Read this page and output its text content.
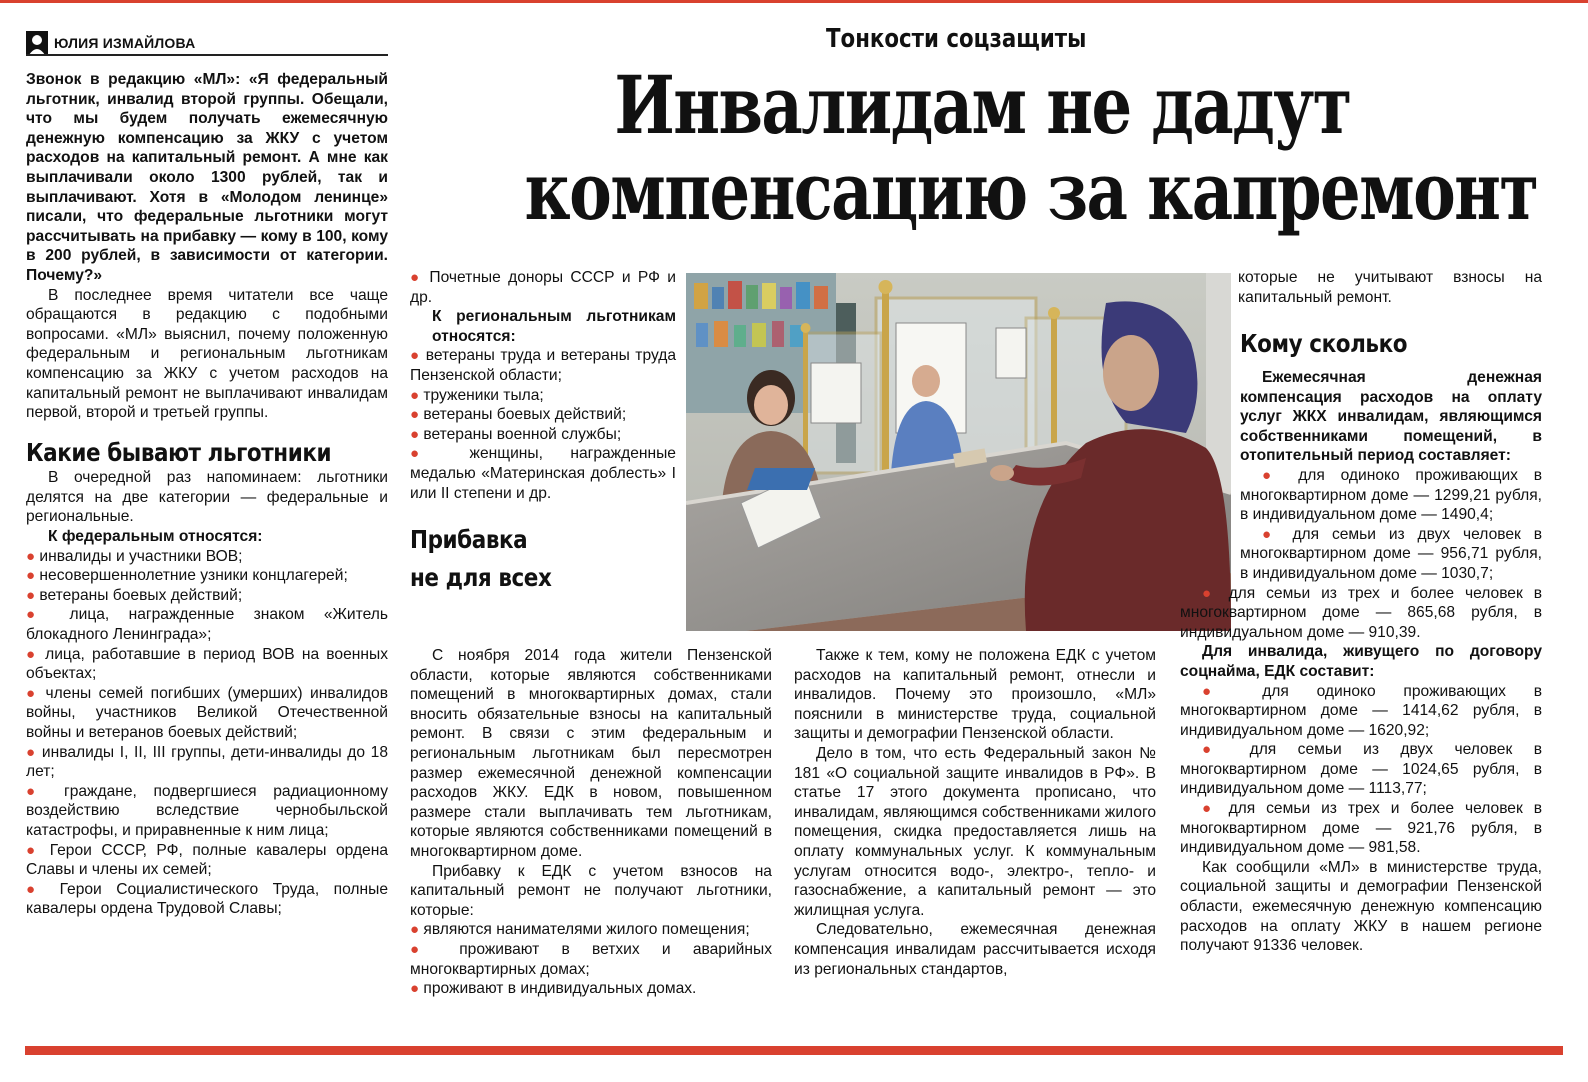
ЮЛИЯ ИЗМАЙЛОВА	Тонкости соцзащиты
Инвалидам не дадут
компенсацию за капремонт

Звонок в редакцию «МЛ»: «Я федеральный льготник, инвалид второй группы. Обещали, что мы будем получать ежемесячную денежную компенсацию за ЖКУ с учетом расходов на капитальный ремонт. А мне как выплачивали около 1300 рублей, так и выплачивают. Хотя в «Молодом ленинце» писали, что федеральные льготники могут рассчитывать на прибавку — кому в 100, кому в 200 рублей, в зависимости от категории. Почему?»

В последнее время читатели все чаще обращаются в редакцию с подобными вопросами. «МЛ» выяснил, почему положенную федеральным и региональным льготникам компенсацию за ЖКУ с учетом расходов на капитальный ремонт не выплачивают инвалидам первой, второй и третьей группы.

Какие бывают льготники

В очередной раз напоминаем: льготники делятся на две категории — федеральные и региональные.

К федеральным относятся:

● инвалиды и участники ВОВ;

● несовершеннолетние узники концлагерей;

● ветераны боевых действий;

● лица, награжденные знаком «Житель блокадного Ленинграда»;

● лица, работавшие в период ВОВ на военных объектах;

● члены семей погибших (умерших) инвалидов войны, участников Великой Отечественной войны и ветеранов боевых действий;

● инвалиды I, II, III группы, дети-инвалиды до 18 лет;

● граждане, подвергшиеся радиационному воздействию вследствие чернобыльской катастрофы, и приравненные к ним лица;

● Герои СССР, РФ, полные кавалеры ордена Славы и члены их семей;

● Герои Социалистического Труда, полные кавалеры ордена Трудовой Славы;

● Почетные доноры СССР и РФ и др.

К региональным льготникам относятся:

● ветераны труда и ветераны труда Пензенской области;

● труженики тыла;

● ветераны боевых действий;

● ветераны военной службы;

● женщины, награжденные медалью «Материнская доблесть» I или II степени и др.

Прибавка
не для всех

С ноября 2014 года жители Пензенской области, которые являются собственниками помещений в многоквартирных домах, стали вносить обязательные взносы на капитальный ремонт. В связи с этим федеральным и региональным льготникам был пересмотрен размер ежемесячной денежной компенсации расходов ЖКУ. ЕДК в новом, повышенном размере стали выплачивать тем льготникам, которые являются собственниками помещений в многоквартирном доме.

Прибавку к ЕДК с учетом взносов на капитальный ремонт не получают льготники, которые:

● являются нанимателями жилого помещения;

● проживают в ветхих и аварийных многоквартирных домах;

● проживают в индивидуальных домах.

Также к тем, кому не положена ЕДК с учетом расходов на капитальный ремонт, отнесли и инвалидов. Почему это произошло, «МЛ» пояснили в министерстве труда, социальной защиты и демографии Пензенской области.

Дело в том, что есть Федеральный закон № 181 «О социальной защите инвалидов в РФ». В статье 17 этого документа прописано, что инвалидам, являющимся собственниками жилого помещения, скидка предоставляется лишь на оплату коммунальных услуг. К коммунальным услугам относится водо-, электро-, тепло- и газоснабжение, а капитальный ремонт — это жилищная услуга.

Следовательно, ежемесячная денежная компенсация инвалидам рассчитывается исходя из региональных стандартов,

которые не учитывают взносы на капитальный ремонт.

Кому сколько

Ежемесячная денежная компенсация расходов на оплату услуг ЖКХ инвалидам, являющимся собственниками помещений, в отопительный период составляет:

● для одиноко проживающих в многоквартирном доме — 1299,21 рубля, в индивидуальном доме — 1490,4;

● для семьи из двух человек в многоквартирном доме — 956,71 рубля, в индивидуальном доме — 1030,7;

● для семьи из трех и более человек в многоквартирном доме — 865,68 рубля, в индивидуальном доме — 910,39.

Для инвалида, живущего по договору соцнайма, ЕДК составит:

● для одиноко проживающих в многоквартирном доме — 1414,62 рубля, в индивидуальном доме — 1620,92;

● для семьи из двух человек в многоквартирном доме — 1024,65 рубля, в индивидуальном доме — 1113,77;

● для семьи из трех и более человек в многоквартирном доме — 921,76 рубля, в индивидуальном доме — 981,58.

Как сообщили «МЛ» в министерстве труда, социальной защиты и демографии Пензенской области, ежемесячную денежную компенсацию расходов на оплату ЖКУ в нашем регионе получают 91336 человек.
